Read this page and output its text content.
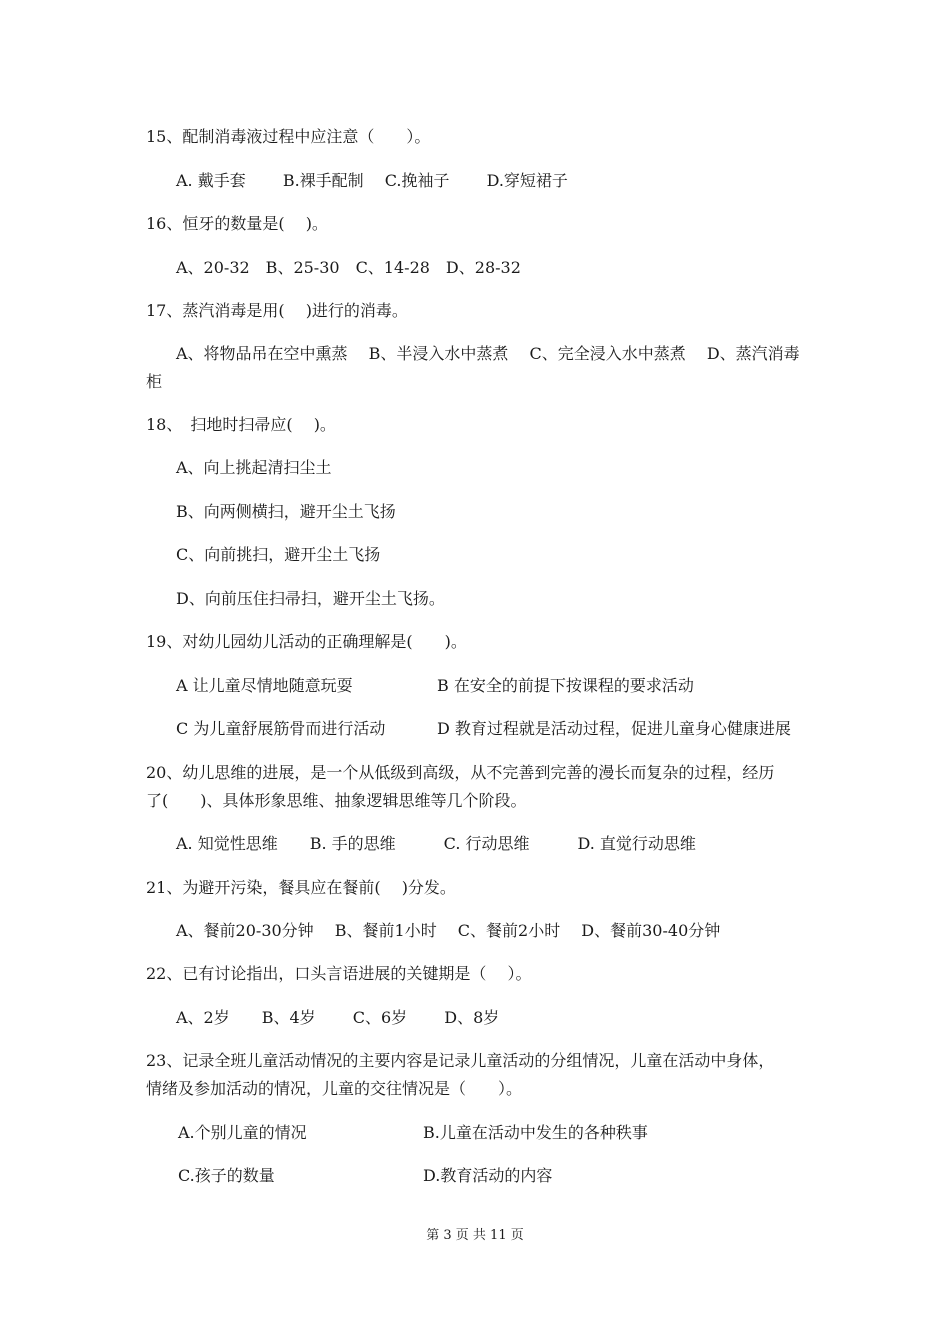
15、配制消毒液过程中应注意（　　）。
A. 戴手套　　 B.裸手配制　 C.挽袖子　　 D.穿短裙子
16、恒牙的数量是(　 )。
A、20-32　B、25-30　C、14-28　D、28-32
17、蒸汽消毒是用(　 )进行的消毒。
A、将物品吊在空中熏蒸　 B、半浸入水中蒸煮　 C、完全浸入水中蒸煮　 D、蒸汽消毒
柜
18、　扫地时扫帚应(　 )。
A、向上挑起清扫尘土
B、向两侧横扫，避开尘土飞扬
C、向前挑扫，避开尘土飞扬
D、向前压住扫帚扫，避开尘土飞扬。
19、对幼儿园幼儿活动的正确理解是(　　)。
A 让儿童尽情地随意玩耍	B 在安全的前提下按课程的要求活动
C 为儿童舒展筋骨而进行活动	D 教育过程就是活动过程，促进儿童身心健康进展
20、幼儿思维的进展，是一个从低级到高级，从不完善到完善的漫长而复杂的过程，经历
了(　　)、具体形象思维、抽象逻辑思维等几个阶段。
A. 知觉性思维　　B. 手的思维　　　C. 行动思维　　　D. 直觉行动思维
21、为避开污染，餐具应在餐前(　 )分发。
A、餐前20-30分钟　 B、餐前1小时　 C、餐前2小时　 D、餐前30-40分钟
22、已有讨论指出，口头言语进展的关键期是（　 ）。
A、2岁　　B、4岁　　 C、6岁　　 D、8岁
23、记录全班儿童活动情况的主要内容是记录儿童活动的分组情况，儿童在活动中身体，
情绪及参加活动的情况，儿童的交往情况是（　　）。
A.个别儿童的情况	B.儿童在活动中发生的各种秩事
C.孩子的数量	D.教育活动的内容
第 3 页 共 11 页
